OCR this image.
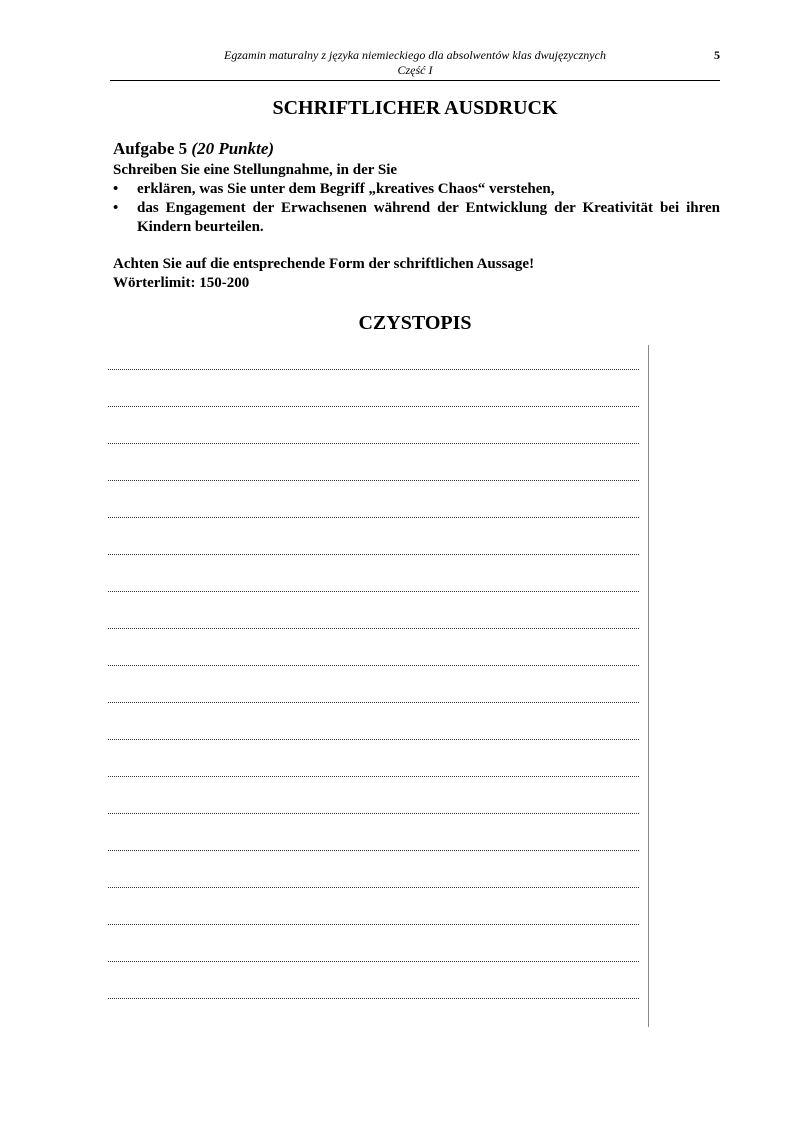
Egzamin maturalny z języka niemieckiego dla absolwentów klas dwujęzycznych
Część I
5
SCHRIFTLICHER AUSDRUCK

Aufgabe 5 (20 Punkte)

Schreiben Sie eine Stellungnahme, in der Sie

• erklären, was Sie unter dem Begriff „kreatives Chaos“ verstehen,
• das Engagement der Erwachsenen während der Entwicklung der Kreativität bei ihren Kindern beurteilen.

Achten Sie auf die entsprechende Form der schriftlichen Aussage!

Wörterlimit: 150-200

CZYSTOPIS
